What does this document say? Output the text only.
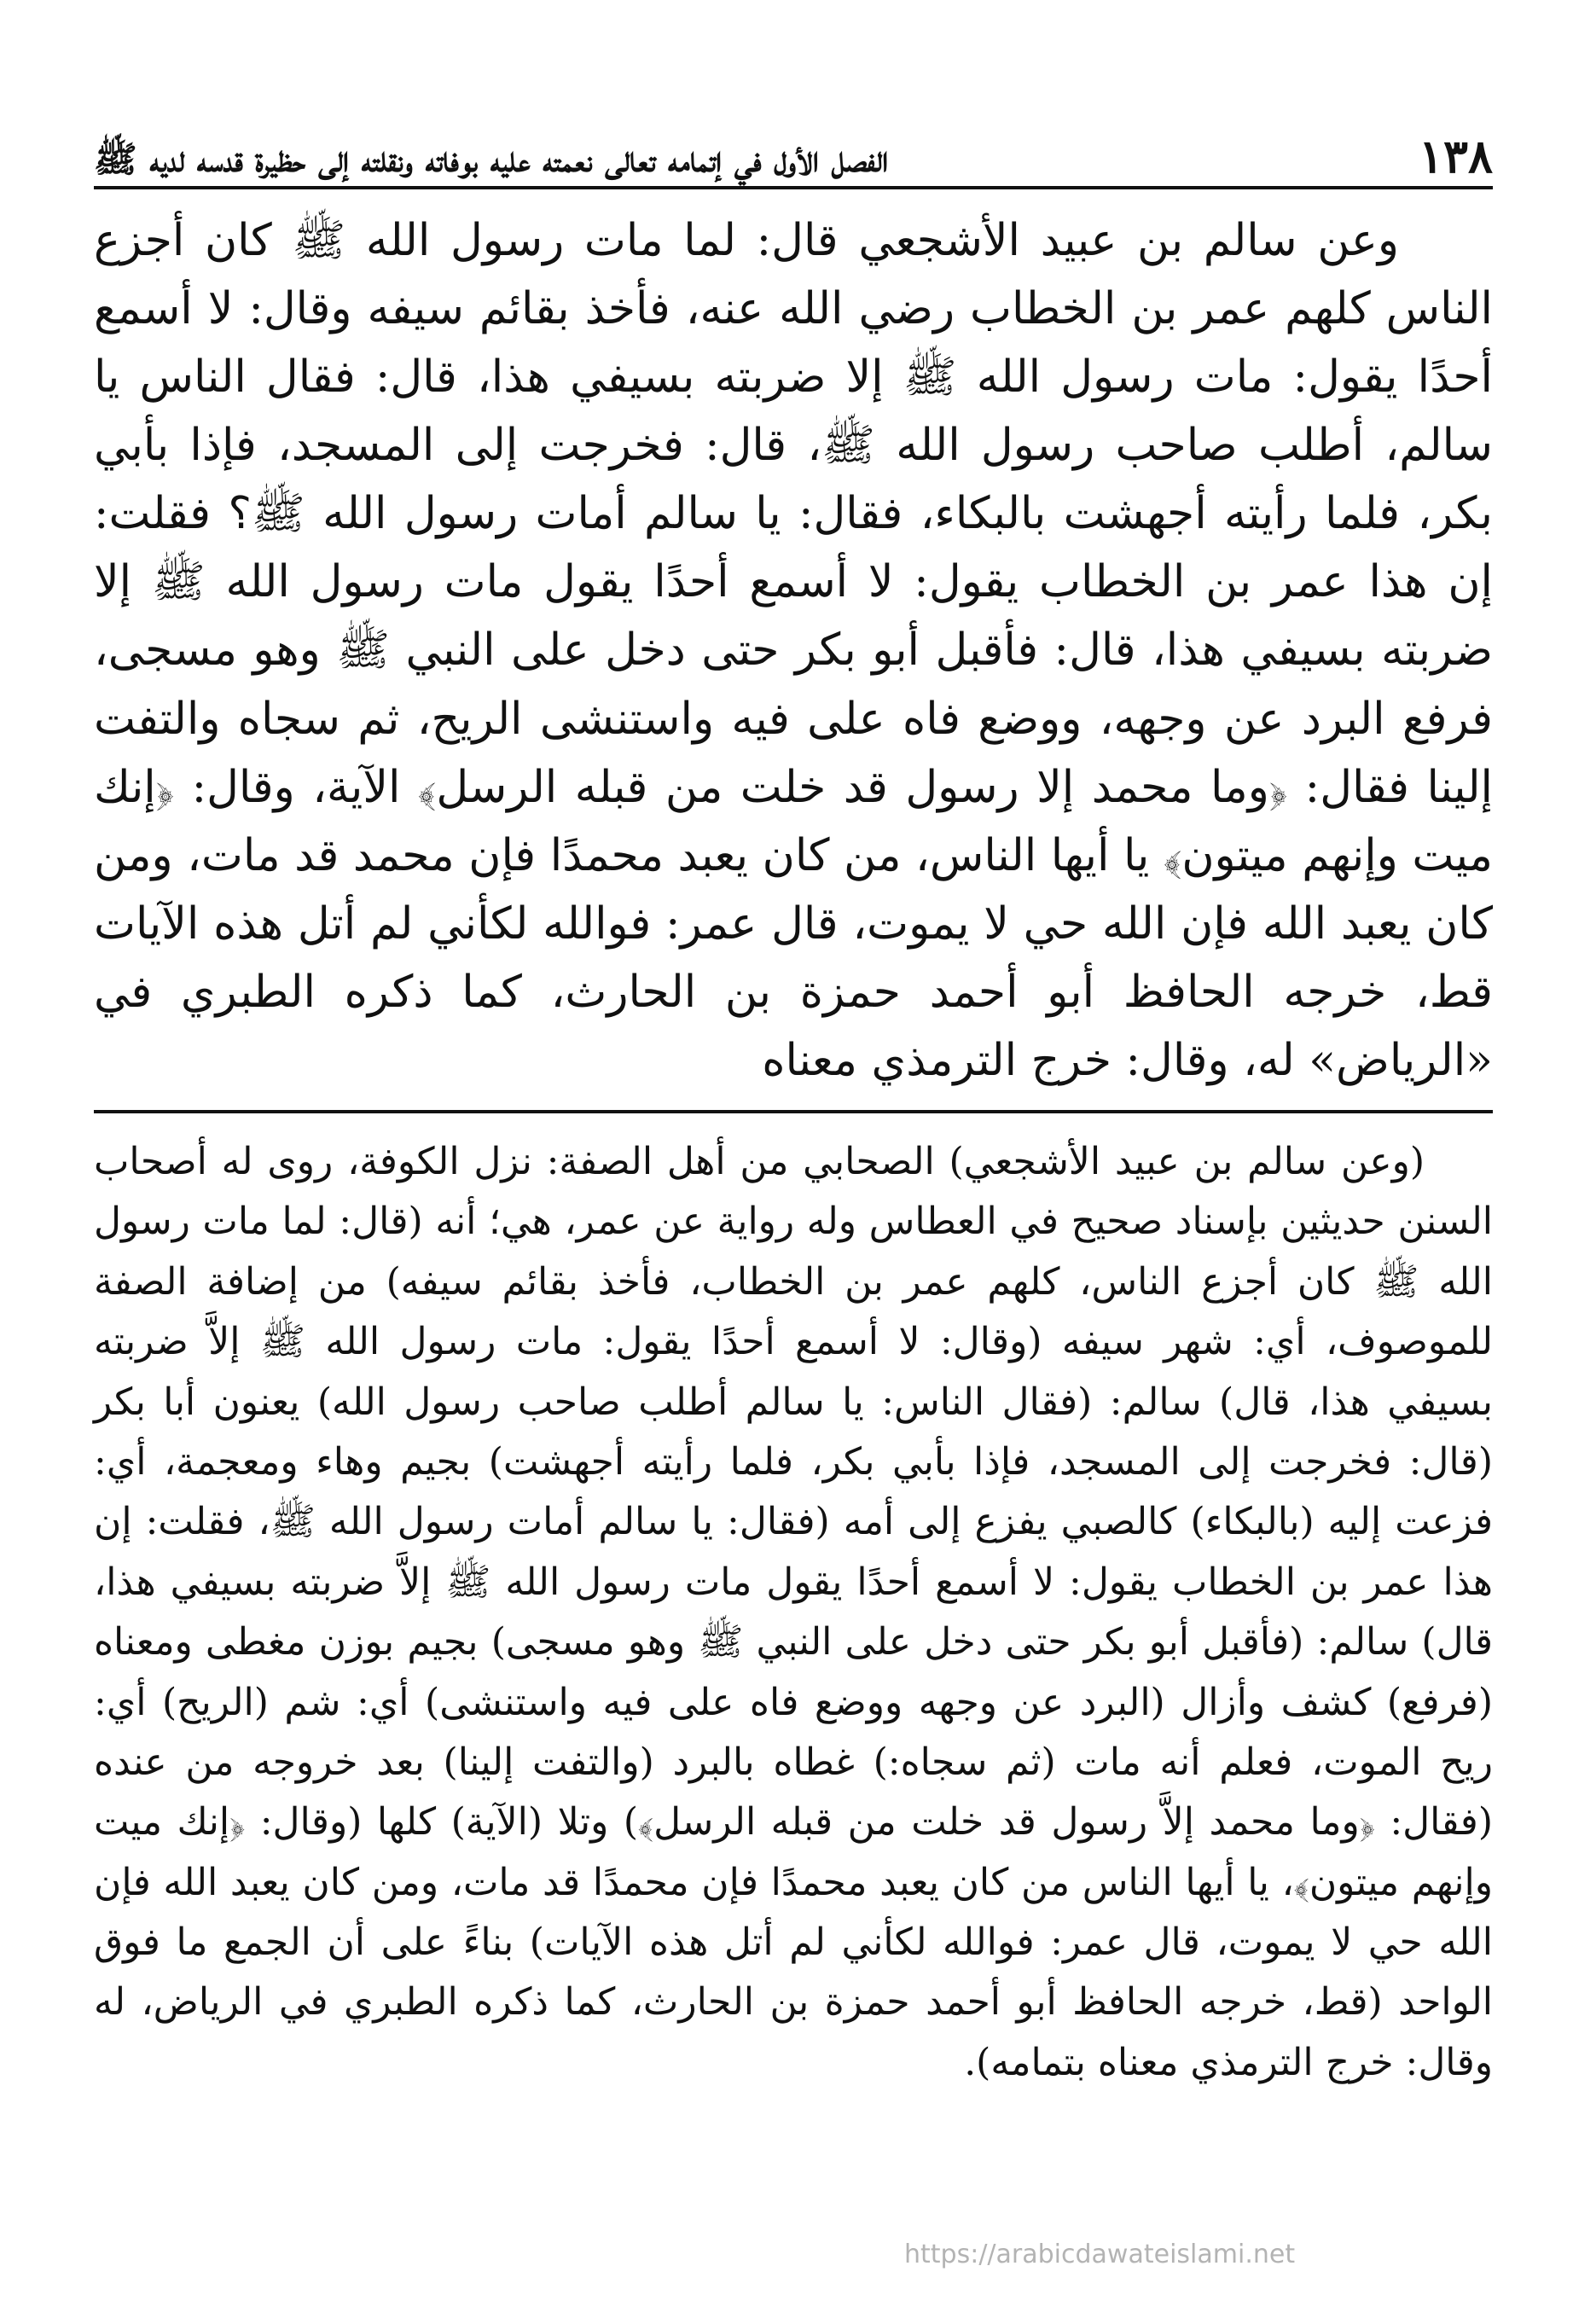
١٣٨
الفصل الأول في إتمامه تعالى نعمته عليه بوفاته ونقلته إلى حظيرة قدسه لديه ﷺ

وعن سالم بن عبيد الأشجعي قال: لما مات رسول الله ﷺ كان أجزع الناس كلهم عمر بن الخطاب رضي الله عنه، فأخذ بقائم سيفه وقال: لا أسمع أحدًا يقول: مات رسول الله ﷺ إلا ضربته بسيفي هذا، قال: فقال الناس يا سالم، أطلب صاحب رسول الله ﷺ، قال: فخرجت إلى المسجد، فإذا بأبي بكر، فلما رأيته أجهشت بالبكاء، فقال: يا سالم أمات رسول الله ﷺ؟ فقلت: إن هذا عمر بن الخطاب يقول: لا أسمع أحدًا يقول مات رسول الله ﷺ إلا ضربته بسيفي هذا، قال: فأقبل أبو بكر حتى دخل على النبي ﷺ وهو مسجى، فرفع البرد عن وجهه، ووضع فاه على فيه واستنشى الريح، ثم سجاه والتفت إلينا فقال: ﴿وما محمد إلا رسول قد خلت من قبله الرسل﴾ الآية، وقال: ﴿إنك ميت وإنهم ميتون﴾ يا أيها الناس، من كان يعبد محمدًا فإن محمد قد مات، ومن كان يعبد الله فإن الله حي لا يموت، قال عمر: فوالله لكأني لم أتل هذه الآيات قط، خرجه الحافظ أبو أحمد حمزة بن الحارث، كما ذكره الطبري في «الرياض» له، وقال: خرج الترمذي معناه

(وعن سالم بن عبيد الأشجعي) الصحابي من أهل الصفة: نزل الكوفة، روى له أصحاب السنن حديثين بإسناد صحيح في العطاس وله رواية عن عمر، هي؛ أنه (قال: لما مات رسول الله ﷺ كان أجزع الناس، كلهم عمر بن الخطاب، فأخذ بقائم سيفه) من إضافة الصفة للموصوف، أي: شهر سيفه (وقال: لا أسمع أحدًا يقول: مات رسول الله ﷺ إلاَّ ضربته بسيفي هذا، قال) سالم: (فقال الناس: يا سالم أطلب صاحب رسول الله) يعنون أبا بكر (قال: فخرجت إلى المسجد، فإذا بأبي بكر، فلما رأيته أجهشت) بجيم وهاء ومعجمة، أي: فزعت إليه (بالبكاء) كالصبي يفزع إلى أمه (فقال: يا سالم أمات رسول الله ﷺ، فقلت: إن هذا عمر بن الخطاب يقول: لا أسمع أحدًا يقول مات رسول الله ﷺ إلاَّ ضربته بسيفي هذا، قال) سالم: (فأقبل أبو بكر حتى دخل على النبي ﷺ وهو مسجى) بجيم بوزن مغطى ومعناه (فرفع) كشف وأزال (البرد عن وجهه ووضع فاه على فيه واستنشى) أي: شم (الريح) أي: ريح الموت، فعلم أنه مات (ثم سجاه:) غطاه بالبرد (والتفت إلينا) بعد خروجه من عنده (فقال: ﴿وما محمد إلاَّ رسول قد خلت من قبله الرسل﴾) وتلا (الآية) كلها (وقال: ﴿إنك ميت وإنهم ميتون﴾، يا أيها الناس من كان يعبد محمدًا فإن محمدًا قد مات، ومن كان يعبد الله فإن الله حي لا يموت، قال عمر: فوالله لكأني لم أتل هذه الآيات) بناءً على أن الجمع ما فوق الواحد (قط، خرجه الحافظ أبو أحمد حمزة بن الحارث، كما ذكره الطبري في الرياض، له وقال: خرج الترمذي معناه بتمامه).

https://arabicdawateislami.net
